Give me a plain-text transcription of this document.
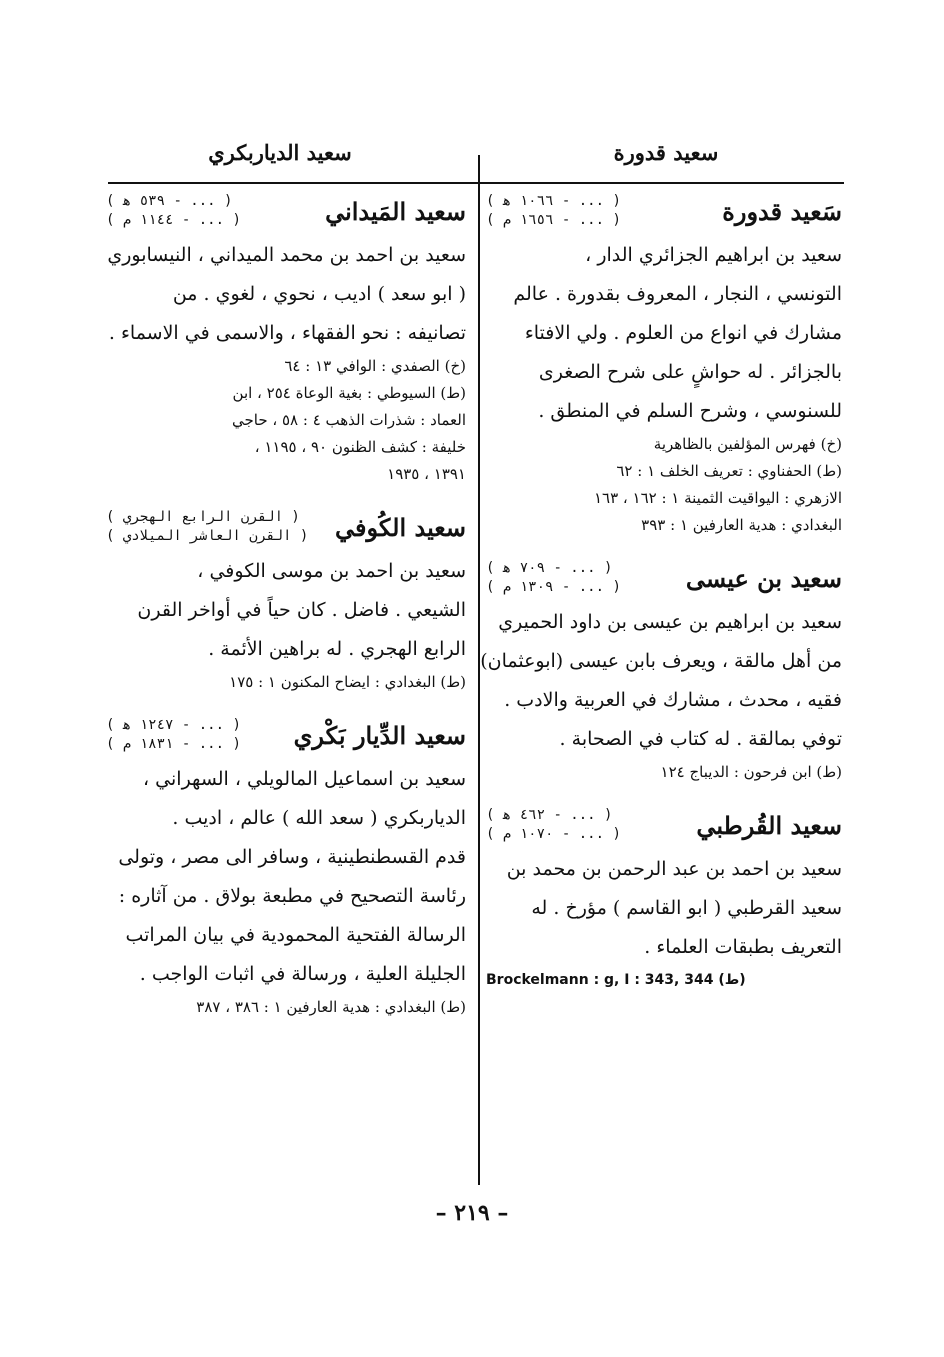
سعيد قدورة
سعيد الدياربكري
سَعيد قدورة
( ... - ١٠٦٦ ﻫ )
( ... - ١٦٥٦ م )
سعيد بن ابراهيم الجزائري الدار ،
التونسي ، النجار ، المعروف بقدورة . عالم
مشارك في انواع من العلوم . ولي الافتاء
بالجزائر . له حواشٍ على شرح الصغرى
للسنوسي ، وشرح السلم في المنطق .
(خ) فهرس المؤلفين بالظاهرية
(ط) الحفناوي : تعريف الخلف ١ : ٦٢
الازهري : اليواقيت الثمينة ١ : ١٦٢ ، ١٦٣
البغدادي : هدية العارفين ١ : ٣٩٣
سعيد بن عيسى
( ... - ٧٠٩ ﻫ )
( ... - ١٣٠٩ م )
سعيد بن ابراهيم بن عيسى بن داود الحميري
من أهل مالقة ، ويعرف بابن عيسى (ابوعثمان)
فقيه ، محدث ، مشارك في العربية والادب .
توفي بمالقة . له كتاب في الصحابة .
(ط) ابن فرحون : الديباج ١٢٤
سعيد القُرطبي
( ... - ٤٦٢ ﻫ )
( ... - ١٠٧٠ م )
سعيد بن احمد بن عبد الرحمن بن محمد بن
سعيد القرطبي ( ابو القاسم ) مؤرخ . له
التعريف بطبقات العلماء .
Brockelmann : g, I : 343, 344 (ط)
سعيد المَيداني
( ... - ٥٣٩ ﻫ )
( ... - ١١٤٤ م )
سعيد بن احمد بن محمد الميداني ، النيسابوري
( ابو سعد ) اديب ، نحوي ، لغوي . من
تصانيفه : نحو الفقهاء ، والاسمى في الاسماء .
(خ) الصفدي : الوافي ١٣ : ٦٤
(ط) السيوطي : بغية الوعاة ٢٥٤ ، ابن
العماد : شذرات الذهب ٤ : ٥٨ ، حاجي
خليفة : كشف الظنون ٩٠ ، ١١٩٥ ،
١٣٩١ ، ١٩٣٥
سعيد الكُوفي
( القرن الرابع الهجري )
( القرن العاشر الميلادي )
سعيد بن احمد بن موسى الكوفي ،
الشيعي . فاضل . كان حياً في أواخر القرن
الرابع الهجري . له براهين الأئمة .
(ط) البغدادي : ايضاح المكنون ١ : ١٧٥
سعيد الدِّيار بَكْري
( ... - ١٢٤٧ ﻫ )
( ... - ١٨٣١ م )
سعيد بن اسماعيل المالويلي ، السهراني ،
الدياربكري ( سعد الله ) عالم ، اديب .
قدم القسطنطينية ، وسافر الى مصر ، وتولى
رئاسة التصحيح في مطبعة بولاق . من آثاره :
الرسالة الفتحية المحمودية في بيان المراتب
الجليلة العلية ، ورسالة في اثبات الواجب .
(ط) البغدادي : هدية العارفين ١ : ٣٨٦ ، ٣٨٧
– ٢١٩ –
